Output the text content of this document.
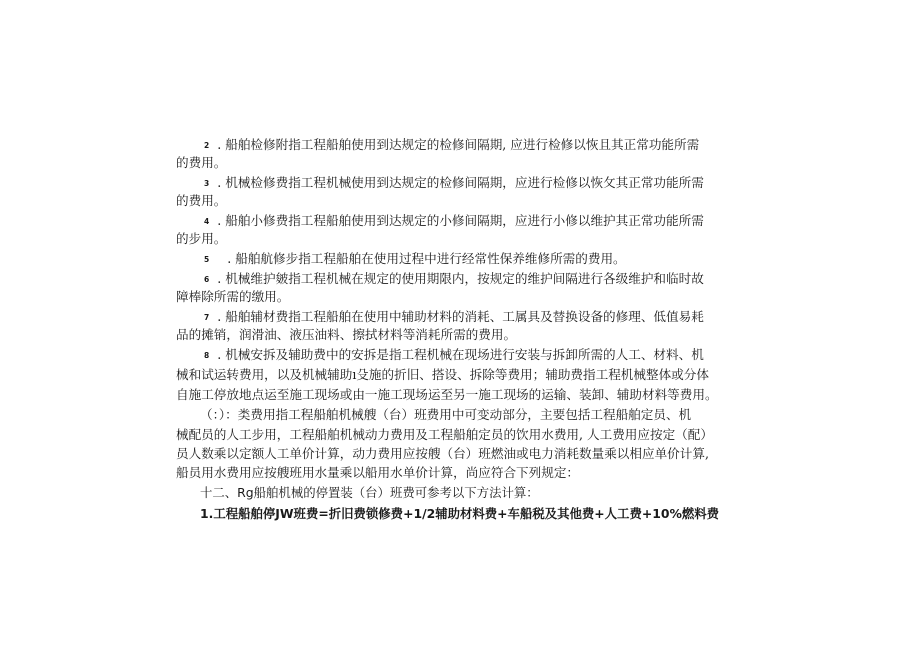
2 . 船舶检修附指工程船舶使用到达规定的检修间隔期, 应进行检修以恢且其正常功能所需
的费用。
3 . 机械检修费指工程机械使用到达规定的检修间隔期，应进行检修以恢攵其正常功能所需
的费用。
4 . 船舶小修费指工程船舶使用到达规定的小修间隔期，应进行小修以维护其正常功能所需
的步用。
5 . 船舶航修步指工程船舶在使用过程中进行经常性保养维修所需的费用。
6 . 机械维护皴指工程机械在规定的使用期限内，按规定的维护间隔进行各级维护和临时故
障棒除所需的缴用。
7 . 船舶辅材费指工程船舶在使用中辅助材料的消耗、工属具及替换设备的修理、低值易耗
品的摊销，润滑油、液压油料、擦拭材料等消耗所需的费用。
8 . 机械安拆及辅助费中的安拆是指工程机械在现场进行安装与拆卸所需的人工、材料、机
械和试运转费用，以及机械辅助ı殳施的折旧、搭设、拆除等费用；辅助费指工程机械整体或分体
自施工停放地点运至施工现场或由一施工现场运至另一施工现场的运输、装卸、辅助材料等费用。
（：）：类费用指工程船舶机械艘（台）班费用中可变动部分，主要包括工程船舶定员、机
械配员的人工步用，工程船舶机械动力费用及工程船舶定员的饮用水费用, 人工费用应按定（配）
员人数乘以定额人工单价计算，动力费用应按艘（台）班燃油或电力消耗数量乘以相应单价计算,
船员用水费用应按艘班用水量乘以船用水单价计算，尚应符合下列规定：
十二、Rg船舶机械的停置装（台）班费可参考以下方法计算：
1.工程船舶停JW班费=折旧费锁修费+1/2辅助材料费+车船税及其他费+人工费+10%燃料费
